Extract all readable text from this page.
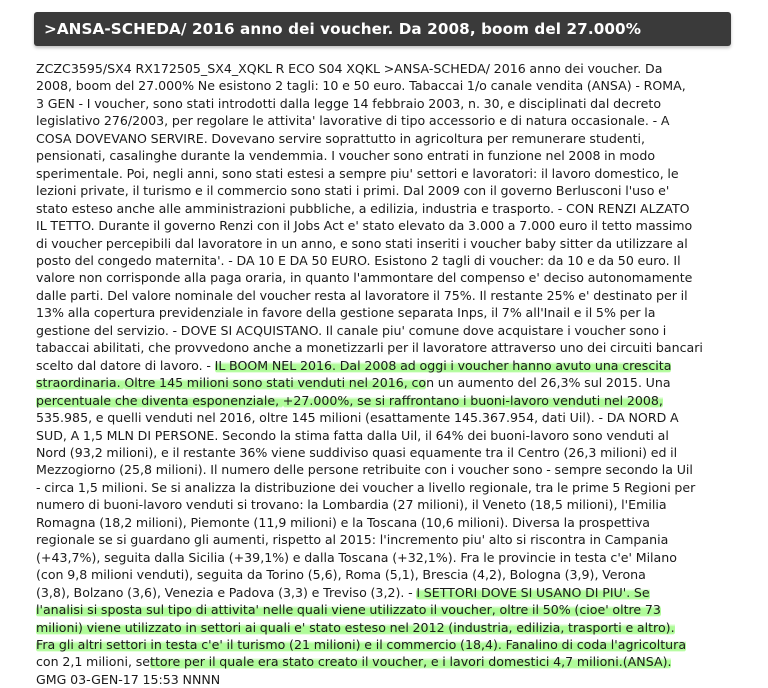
>ANSA-SCHEDA/ 2016 anno dei voucher. Da 2008, boom del 27.000%
ZCZC3595/SX4 RX172505_SX4_XQKL R ECO S04 XQKL >ANSA-SCHEDA/ 2016 anno dei voucher. Da
2008, boom del 27.000% Ne esistono 2 tagli: 10 e 50 euro. Tabaccai 1/o canale vendita (ANSA) - ROMA,
3 GEN - I voucher, sono stati introdotti dalla legge 14 febbraio 2003, n. 30, e disciplinati dal decreto
legislativo 276/2003, per regolare le attivita' lavorative di tipo accessorio e di natura occasionale. - A
COSA DOVEVANO SERVIRE. Dovevano servire soprattutto in agricoltura per remunerare studenti,
pensionati, casalinghe durante la vendemmia. I voucher sono entrati in funzione nel 2008 in modo
sperimentale. Poi, negli anni, sono stati estesi a sempre piu' settori e lavoratori: il lavoro domestico, le
lezioni private, il turismo e il commercio sono stati i primi. Dal 2009 con il governo Berlusconi l'uso e'
stato esteso anche alle amministrazioni pubbliche, a edilizia, industria e trasporto. - CON RENZI ALZATO
IL TETTO. Durante il governo Renzi con il Jobs Act e' stato elevato da 3.000 a 7.000 euro il tetto massimo
di voucher percepibili dal lavoratore in un anno, e sono stati inseriti i voucher baby sitter da utilizzare al
posto del congedo maternita'. - DA 10 E DA 50 EURO. Esistono 2 tagli di voucher: da 10 e da 50 euro. Il
valore non corrisponde alla paga oraria, in quanto l'ammontare del compenso e' deciso autonomamente
dalle parti. Del valore nominale del voucher resta al lavoratore il 75%. Il restante 25% e' destinato per il
13% alla copertura previdenziale in favore della gestione separata Inps, il 7% all'Inail e il 5% per la
gestione del servizio. - DOVE SI ACQUISTANO. Il canale piu' comune dove acquistare i voucher sono i
tabaccai abilitati, che provvedono anche a monetizzarli per il lavoratore attraverso uno dei circuiti bancari
scelto dal datore di lavoro. - IL BOOM NEL 2016. Dal 2008 ad oggi i voucher hanno avuto una crescita
straordinaria. Oltre 145 milioni sono stati venduti nel 2016, con un aumento del 26,3% sul 2015. Una
percentuale che diventa esponenziale, +27.000%, se si raffrontano i buoni-lavoro venduti nel 2008,
535.985, e quelli venduti nel 2016, oltre 145 milioni (esattamente 145.367.954, dati Uil). - DA NORD A
SUD, A 1,5 MLN DI PERSONE. Secondo la stima fatta dalla Uil, il 64% dei buoni-lavoro sono venduti al
Nord (93,2 milioni), e il restante 36% viene suddiviso quasi equamente tra il Centro (26,3 milioni) ed il
Mezzogiorno (25,8 milioni). Il numero delle persone retribuite con i voucher sono - sempre secondo la Uil
- circa 1,5 milioni. Se si analizza la distribuzione dei voucher a livello regionale, tra le prime 5 Regioni per
numero di buoni-lavoro venduti si trovano: la Lombardia (27 milioni), il Veneto (18,5 milioni), l'Emilia
Romagna (18,2 milioni), Piemonte (11,9 milioni) e la Toscana (10,6 milioni). Diversa la prospettiva
regionale se si guardano gli aumenti, rispetto al 2015: l'incremento piu' alto si riscontra in Campania
(+43,7%), seguita dalla Sicilia (+39,1%) e dalla Toscana (+32,1%). Fra le provincie in testa c'e' Milano
(con 9,8 milioni venduti), seguita da Torino (5,6), Roma (5,1), Brescia (4,2), Bologna (3,9), Verona
(3,8), Bolzano (3,6), Venezia e Padova (3,3) e Treviso (3,2). - I SETTORI DOVE SI USANO DI PIU'. Se
l'analisi si sposta sul tipo di attivita' nelle quali viene utilizzato il voucher, oltre il 50% (cioe' oltre 73
milioni) viene utilizzato in settori ai quali e' stato esteso nel 2012 (industria, edilizia, trasporti e altro).
Fra gli altri settori in testa c'e' il turismo (21 milioni) e il commercio (18,4). Fanalino di coda l'agricoltura
con 2,1 milioni, settore per il quale era stato creato il voucher, e i lavori domestici 4,7 milioni.(ANSA).
GMG 03-GEN-17 15:53 NNNN
